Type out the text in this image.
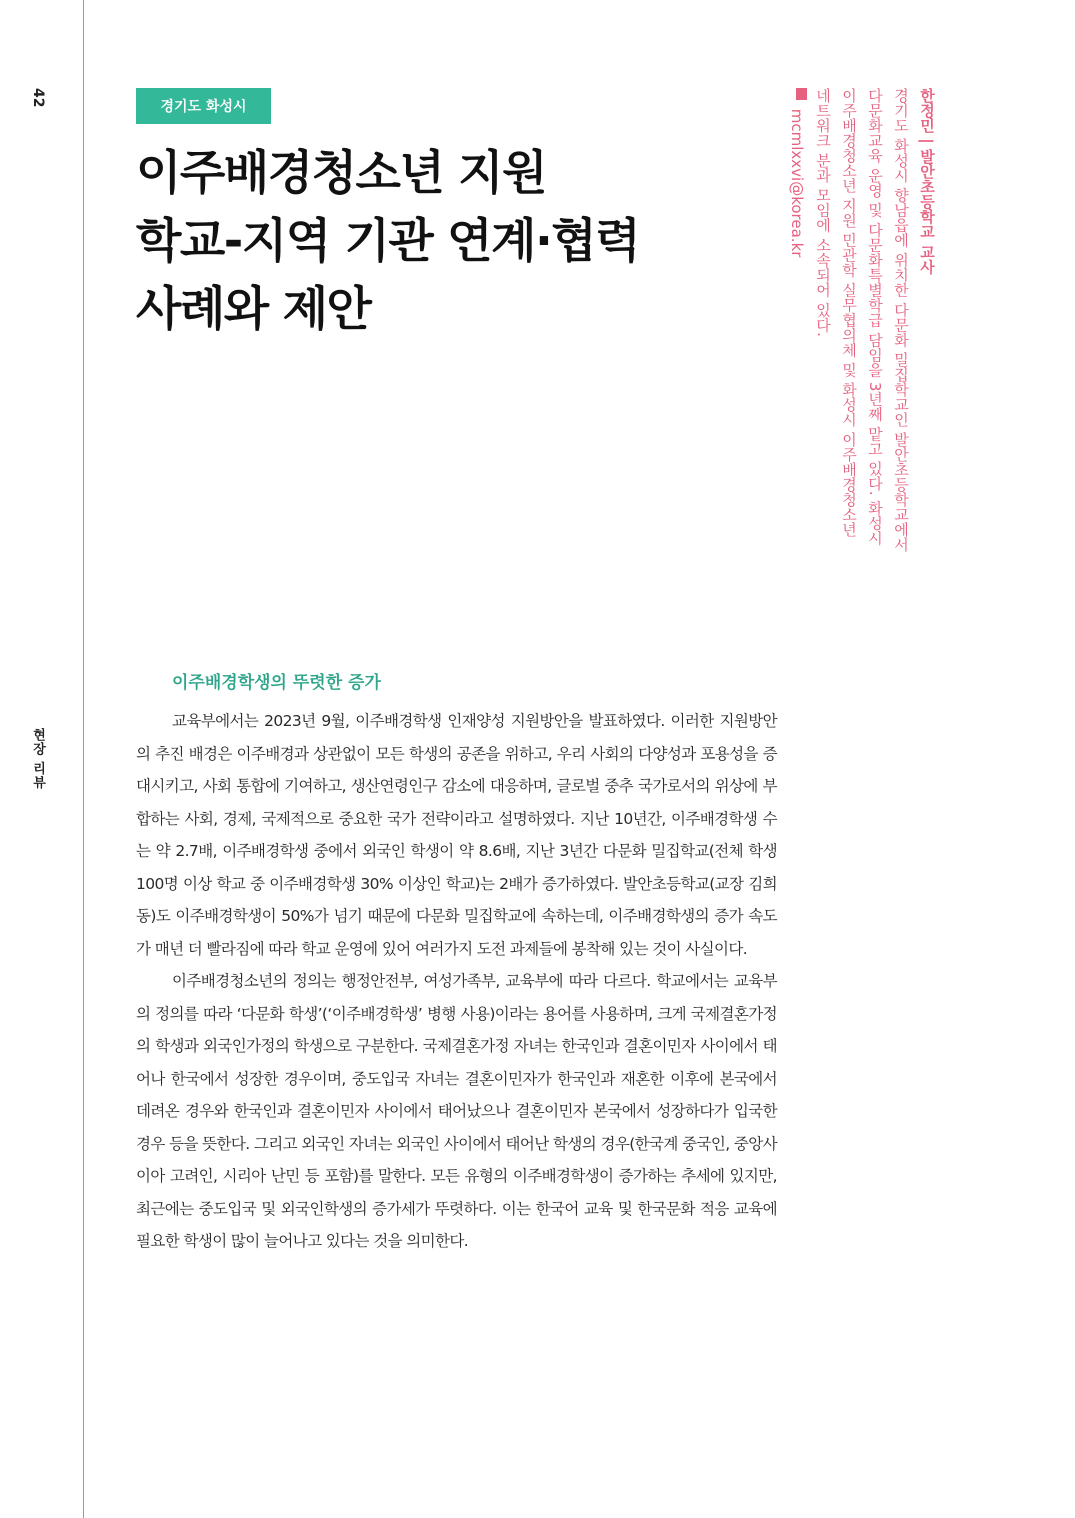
42
현장 리뷰
경기도 화성시
이주배경청소년 지원
학교-지역 기관 연계·협력
사례와 제안
한정민 | 발안초등학교 교사
경기도 화성시 향남읍에 위치한 다문화 밀집학교인 발안초등학교에서
다문화교육 운영 및 다문화특별학급 담임을 3년째 맡고 있다. 화성시
이주배경청소년 지원 민관학 실무협의체 및 화성시 이주배경청소년
네트워크 분과 모임에 소속되어 있다.
mcmlxxvi@korea.kr
이주배경학생의 뚜렷한 증가

교육부에서는 2023년 9월, 이주배경학생 인재양성 지원방안을 발표하였다. 이러한 지원방안의 추진 배경은 이주배경과 상관없이 모든 학생의 공존을 위하고, 우리 사회의 다양성과 포용성을 증대시키고, 사회 통합에 기여하고, 생산연령인구 감소에 대응하며, 글로벌 중추 국가로서의 위상에 부합하는 사회, 경제, 국제적으로 중요한 국가 전략이라고 설명하였다. 지난 10년간, 이주배경학생 수는 약 2.7배, 이주배경학생 중에서 외국인 학생이 약 8.6배, 지난 3년간 다문화 밀집학교(전체 학생 100명 이상 학교 중 이주배경학생 30% 이상인 학교)는 2배가 증가하였다. 발안초등학교(교장 김희동)도 이주배경학생이 50%가 넘기 때문에 다문화 밀집학교에 속하는데, 이주배경학생의 증가 속도가 매년 더 빨라짐에 따라 학교 운영에 있어 여러가지 도전 과제들에 봉착해 있는 것이 사실이다.

이주배경청소년의 정의는 행정안전부, 여성가족부, 교육부에 따라 다르다. 학교에서는 교육부의 정의를 따라 ‘다문화 학생’(‘이주배경학생’ 병행 사용)이라는 용어를 사용하며, 크게 국제결혼가정의 학생과 외국인가정의 학생으로 구분한다. 국제결혼가정 자녀는 한국인과 결혼이민자 사이에서 태어나 한국에서 성장한 경우이며, 중도입국 자녀는 결혼이민자가 한국인과 재혼한 이후에 본국에서 데려온 경우와 한국인과 결혼이민자 사이에서 태어났으나 결혼이민자 본국에서 성장하다가 입국한 경우 등을 뜻한다. 그리고 외국인 자녀는 외국인 사이에서 태어난 학생의 경우(한국계 중국인, 중앙사이아 고려인, 시리아 난민 등 포함)를 말한다. 모든 유형의 이주배경학생이 증가하는 추세에 있지만, 최근에는 중도입국 및 외국인학생의 증가세가 뚜렷하다. 이는 한국어 교육 및 한국문화 적응 교육에 필요한 학생이 많이 늘어나고 있다는 것을 의미한다.
